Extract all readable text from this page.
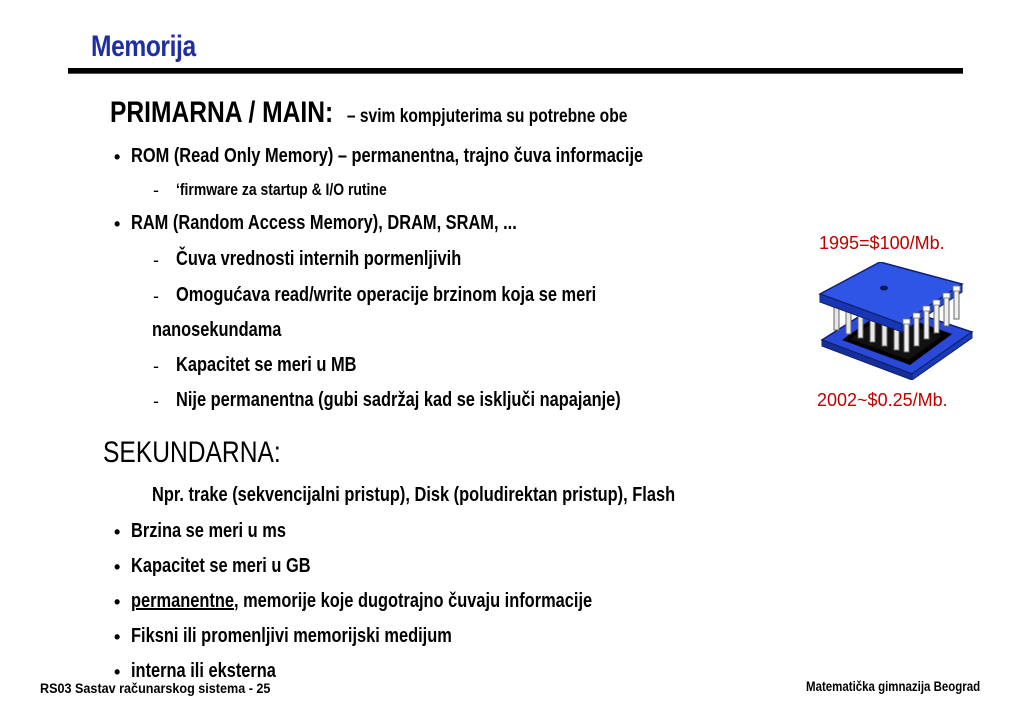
Memorija
PRIMARNA / MAIN: – svim kompjuterima su potrebne obe
• ROM (Read Only Memory) – permanentna, trajno čuva informacije
- ‘firmware za startup & I/O rutine
• RAM (Random Access Memory), DRAM, SRAM, ...
- Čuva vrednosti internih pormenljivih
- Omogućava read/write operacije brzinom koja se meri
nanosekundama
- Kapacitet se meri u MB
- Nije permanentna (gubi sadržaj kad se isključi napajanje)
1995=$100/Mb.
2002~$0.25/Mb.
SEKUNDARNA:
Npr. trake (sekvencijalni pristup), Disk (poludirektan pristup), Flash
• Brzina se meri u ms
• Kapacitet se meri u GB
• permanentne, memorije koje dugotrajno čuvaju informacije
• Fiksni ili promenljivi memorijski medijum
• interna ili eksterna
RS03 Sastav računarskog sistema - 25	Matematička gimnazija Beograd
